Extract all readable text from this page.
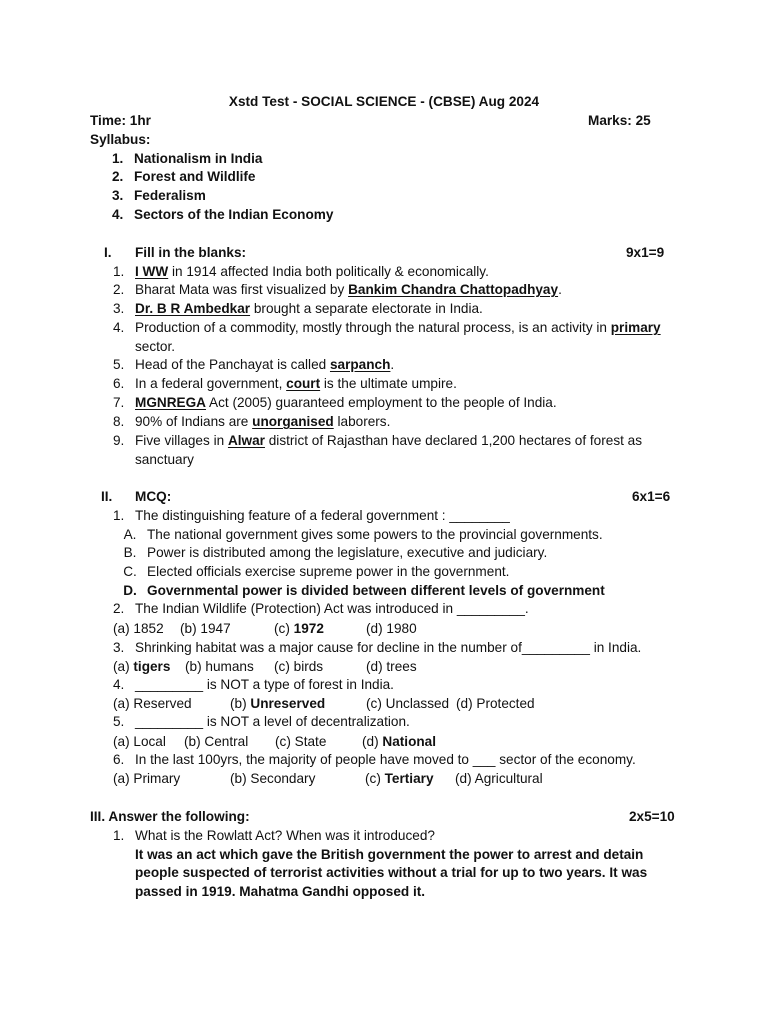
Xstd Test - SOCIAL SCIENCE - (CBSE) Aug 2024
Time: 1hr	Marks: 25
Syllabus:
1. Nationalism in India
2. Forest and Wildlife
3. Federalism
4. Sectors of the Indian Economy
I. Fill in the blanks:	9x1=9
1. I WW in 1914 affected India both politically & economically.
2. Bharat Mata was first visualized by Bankim Chandra Chattopadhyay.
3. Dr. B R Ambedkar brought a separate electorate in India.
4. Production of a commodity, mostly through the natural process, is an activity in primary
sector.
5. Head of the Panchayat is called sarpanch.
6. In a federal government, court is the ultimate umpire.
7. MGNREGA Act (2005) guaranteed employment to the people of India.
8. 90% of Indians are unorganised laborers.
9. Five villages in Alwar district of Rajasthan have declared 1,200 hectares of forest as
sanctuary
II. MCQ:	6x1=6
1. The distinguishing feature of a federal government : ________
A. The national government gives some powers to the provincial governments.
B. Power is distributed among the legislature, executive and judiciary.
C. Elected officials exercise supreme power in the government.
D. Governmental power is divided between different levels of government
2. The Indian Wildlife (Protection) Act was introduced in _________.
(a) 1852 (b) 1947	(c) 1972	(d) 1980
3. Shrinking habitat was a major cause for decline in the number of_________ in India.
(a) tigers (b) humans (c) birds	(d) trees
4. _________ is NOT a type of forest in India.
(a) Reserved	(b) Unreserved	(c) Unclassed (d) Protected
5. _________ is NOT a level of decentralization.
(a) Local (b) Central (c) State	(d) National
6. In the last 100yrs, the majority of people have moved to ___ sector of the economy.
(a) Primary	(b) Secondary	(c) Tertiary (d) Agricultural
III. Answer the following:	2x5=10
1. What is the Rowlatt Act? When was it introduced?
It was an act which gave the British government the power to arrest and detain
people suspected of terrorist activities without a trial for up to two years. It was
passed in 1919. Mahatma Gandhi opposed it.
